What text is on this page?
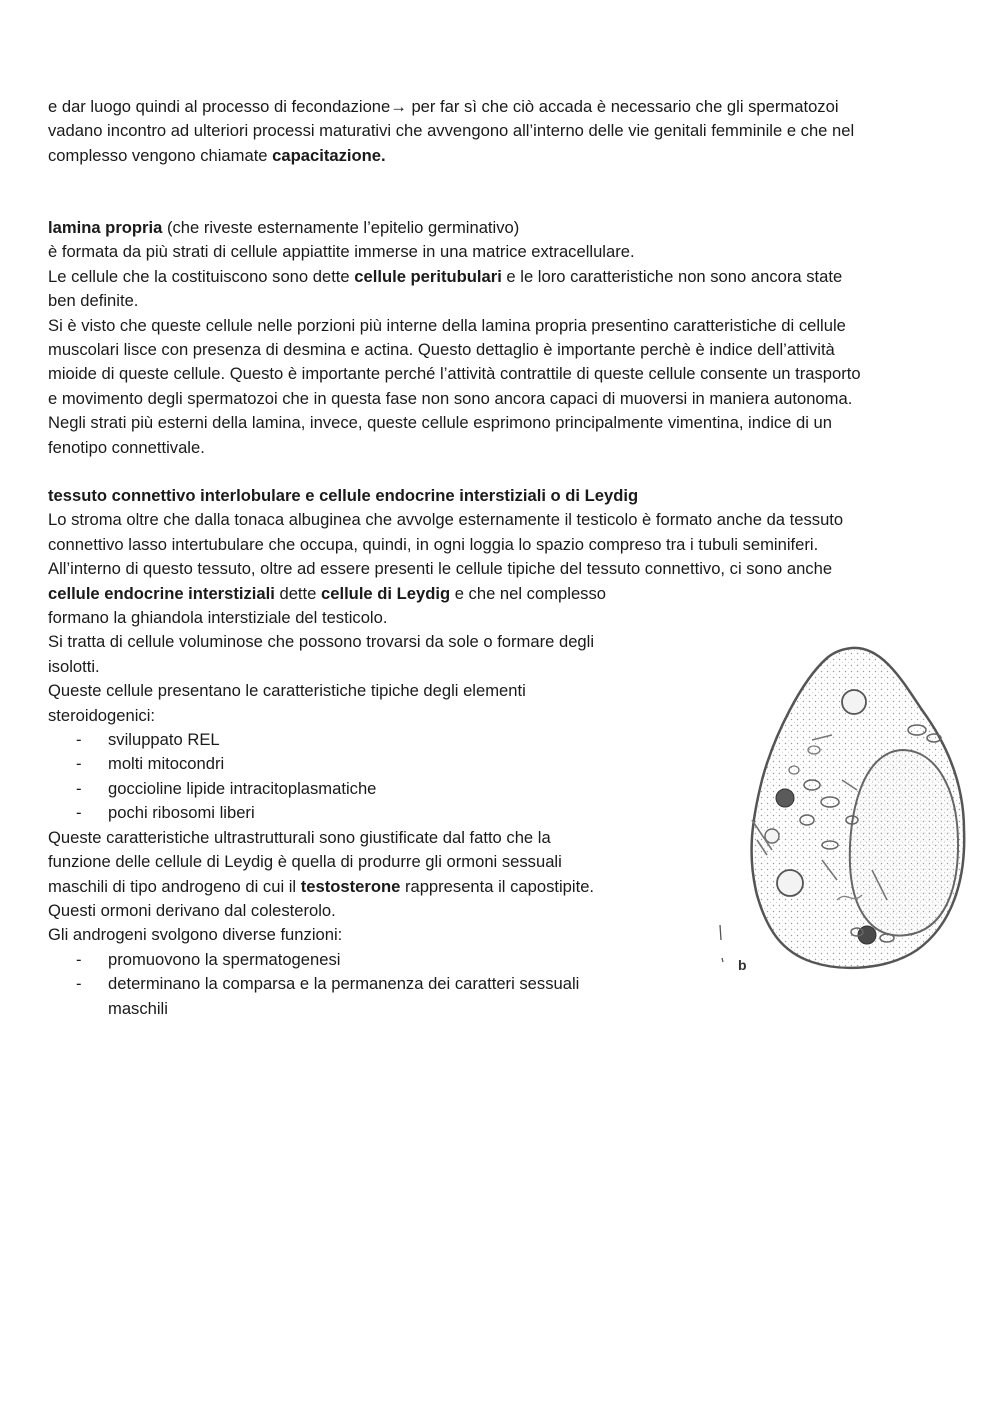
e dar luogo quindi al processo di fecondazione→ per far sì che ciò accada è necessario che gli spermatozoi

vadano incontro ad ulteriori processi maturativi che avvengono all’interno delle vie genitali femminile e che nel

complesso vengono chiamate capacitazione.

lamina propria (che riveste esternamente l’epitelio germinativo)

è formata da più strati di cellule appiattite immerse in una matrice extracellulare.

Le cellule che la costituiscono sono dette cellule peritubulari e le loro caratteristiche non sono ancora state

ben definite.

Si è visto che queste cellule nelle porzioni più interne della lamina propria presentino caratteristiche di cellule

muscolari lisce con presenza di desmina e actina. Questo dettaglio è importante perchè è indice dell’attività

mioide di queste cellule. Questo è importante perché l’attività contrattile di queste cellule consente un trasporto

e movimento degli spermatozoi che in questa fase non sono ancora capaci di muoversi in maniera autonoma.

Negli strati più esterni della lamina, invece, queste cellule esprimono principalmente vimentina, indice di un

fenotipo connettivale.

tessuto connettivo interlobulare e cellule endocrine interstiziali o di Leydig

Lo stroma oltre che dalla tonaca albuginea che avvolge esternamente il testicolo è formato anche da tessuto

connettivo lasso intertubulare che occupa, quindi, in ogni loggia lo spazio compreso tra i tubuli seminiferi.

All’interno di questo tessuto, oltre ad essere presenti le cellule tipiche del tessuto connettivo, ci sono anche

cellule endocrine interstiziali dette cellule di Leydig e che nel complesso

formano la ghiandola interstiziale del testicolo.

Si tratta di cellule voluminose che possono trovarsi da sole o formare degli

isolotti.

Queste cellule presentano le caratteristiche tipiche degli elementi

steroidogenici:

- sviluppato REL
- molti mitocondri
- goccioline lipide intracitoplasmatiche
- pochi ribosomi liberi

Queste caratteristiche ultrastrutturali sono giustificate dal fatto che la

funzione delle cellule di Leydig è quella di produrre gli ormoni sessuali

maschili di tipo androgeno di cui il testosterone rappresenta il capostipite.

Questi ormoni derivano dal colesterolo.

Gli androgeni svolgono diverse funzioni:

- promuovono la spermatogenesi
- determinano la comparsa e la permanenza dei caratteri sessuali

maschili

b
